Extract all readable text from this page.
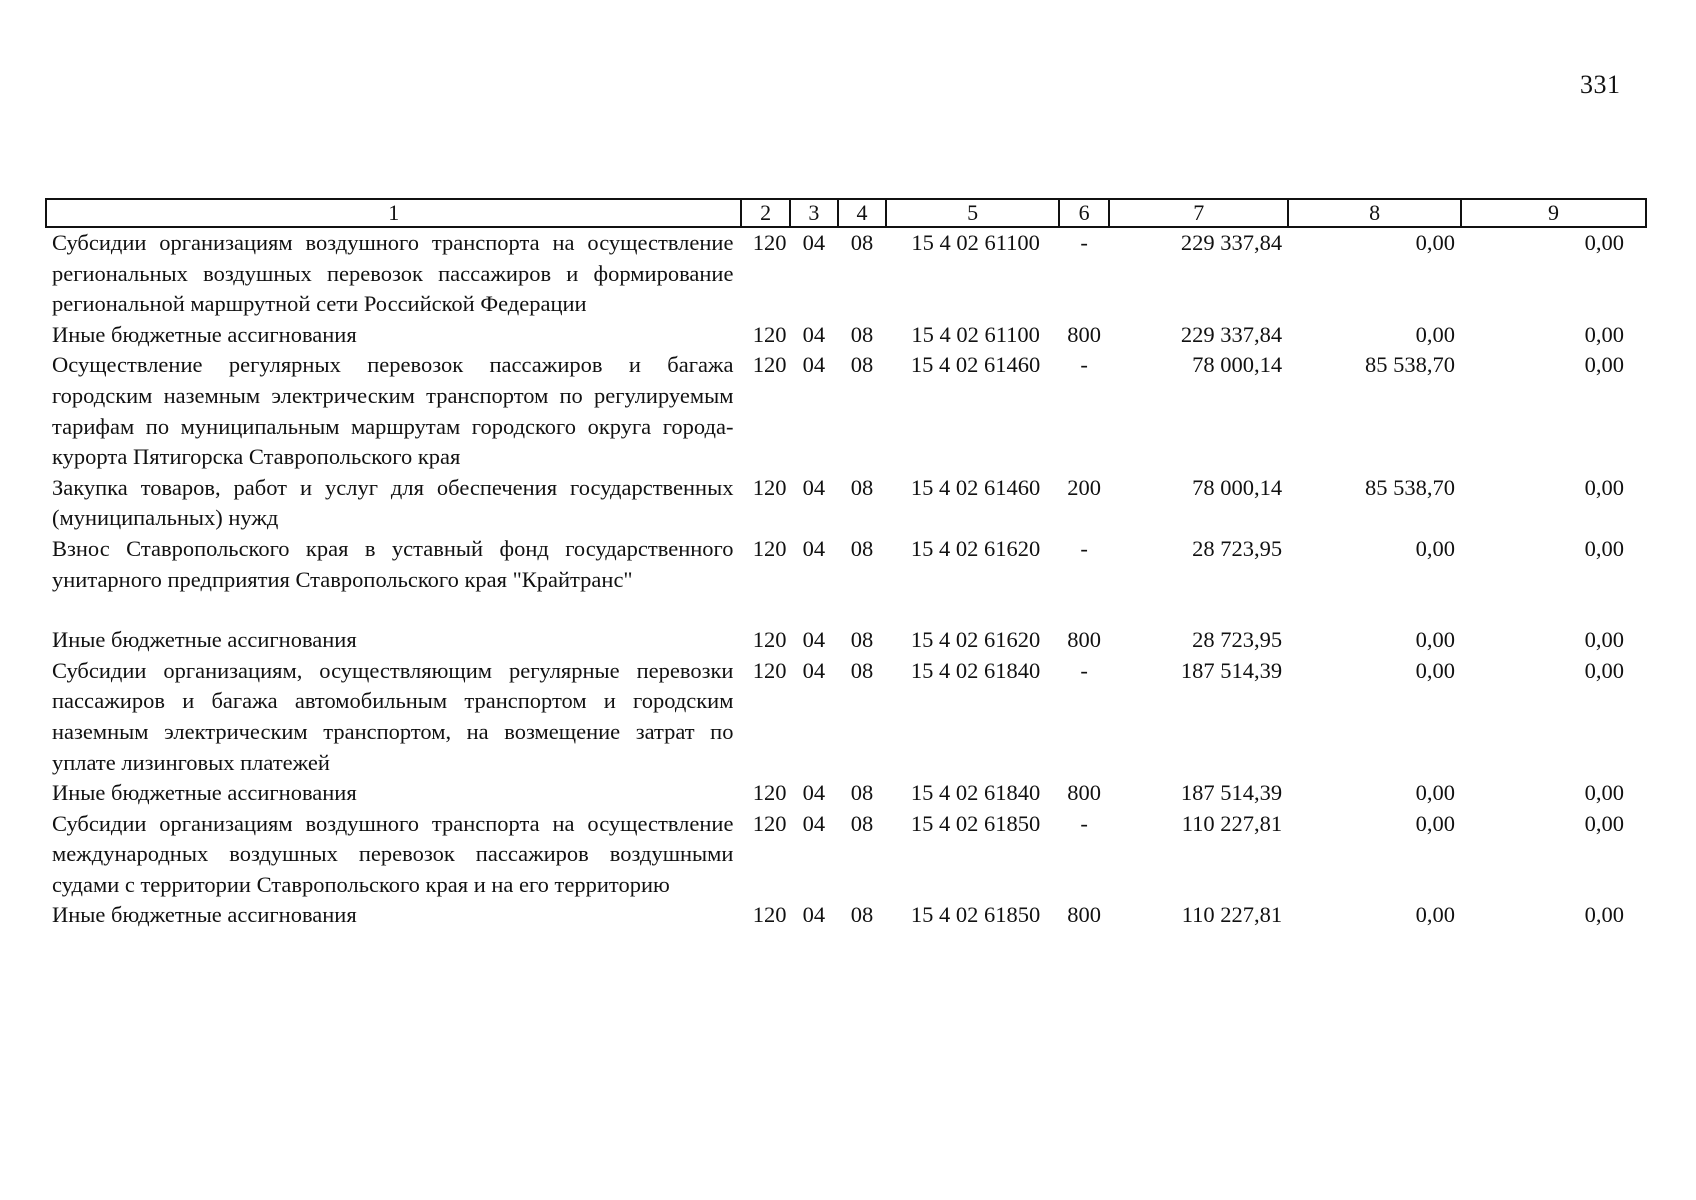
331
1	2	3	4	5	6	7	8	9
Субсидии организациям воздушного транспорта на осуществление региональных воздушных перевозок пассажиров и формирование региональной маршрутной сети Российской Федерации	120	04	08	15 4 02 61100	-	229 337,84	0,00	0,00
Иные бюджетные ассигнования	120	04	08	15 4 02 61100	800	229 337,84	0,00	0,00
Осуществление регулярных перевозок пассажиров и багажа городским наземным электрическим транспортом по регулируемым тарифам по муниципальным маршрутам городского округа города-курорта Пятигорска Ставропольского края	120	04	08	15 4 02 61460	-	78 000,14	85 538,70	0,00
Закупка товаров, работ и услуг для обеспечения государственных (муниципальных) нужд	120	04	08	15 4 02 61460	200	78 000,14	85 538,70	0,00
Взнос Ставропольского края в уставный фонд государственного унитарного предприятия Ставропольского края "Крайтранс"	120	04	08	15 4 02 61620	-	28 723,95	0,00	0,00

Иные бюджетные ассигнования	120	04	08	15 4 02 61620	800	28 723,95	0,00	0,00
Субсидии организациям, осуществляющим регулярные перевозки пассажиров и багажа автомобильным транспортом и городским наземным электрическим транспортом, на возмещение затрат по уплате лизинговых платежей	120	04	08	15 4 02 61840	-	187 514,39	0,00	0,00
Иные бюджетные ассигнования	120	04	08	15 4 02 61840	800	187 514,39	0,00	0,00
Субсидии организациям воздушного транспорта на осуществление международных воздушных перевозок пассажиров воздушными судами с территории Ставропольского края и на его территорию	120	04	08	15 4 02 61850	-	110 227,81	0,00	0,00
Иные бюджетные ассигнования	120	04	08	15 4 02 61850	800	110 227,81	0,00	0,00
